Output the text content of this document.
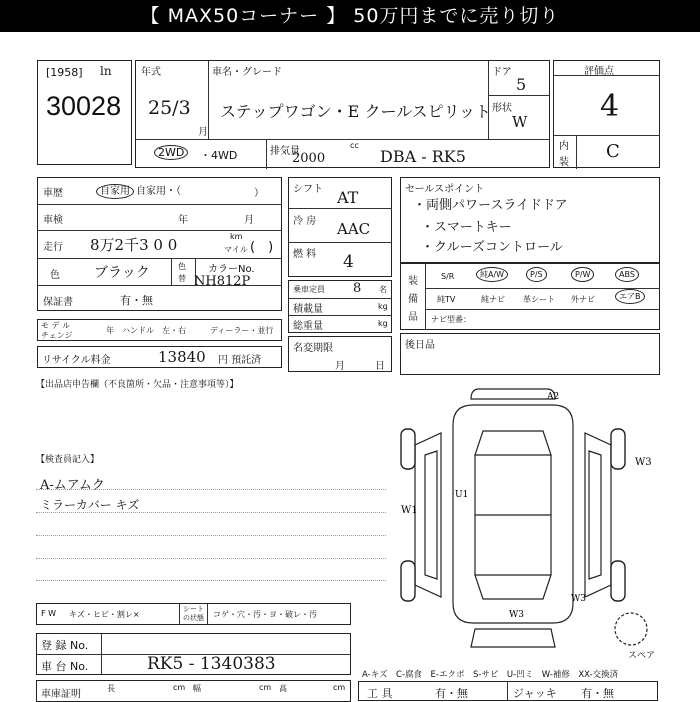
【 MAX50コーナー 】 50万円までに売り切り
[1958] ln
30028
年式
25/3
月
車名・グレード
ステップワゴン・E クールスピリット
ドア
5
形状
W
2WD	・4WD	排気量
2000
cc
DBA - RK5
評価点
4
内
装
C
車歴	自家用 自家用・（	）
車検	年	月
走行 8万2千3 0 0	km
マイル (　)
色 ブラック	色
替
カラーNo.
NH812P
保証書	有・無
モ デ ル
チェンジ
年 ハンドル　左・右	ディーラー・並行
リサイクル料金	13840 円 預託済
シフト AT
冷 房 AAC
燃 料 4
乗車定員 8 名
積載量	kg
総重量	kg
名変期限
月　　　日
セールスポイント
・両側パワースライドドア
・スマートキー
・クルーズコントロール
装
備
品
S/R	純A/W	P/S	P/W	ABS
純TV	純ナビ 革シート 外ナビ	エアB
ナビ型番：
後日品
【出品店申告欄（不良箇所・欠品・注意事項等）】
【検査員記入】
A-ムアムク
ミラーカバー キズ
F W キズ・ヒビ・割レ×
シート
の状態 コゲ・穴・汚・ヨ・破レ・汚
登 録 No.
車 台 No.	RK5 - 1340383
車庫証明
長	cm 幅	cm 高	cm
A-キズ　C-腐食　E-エクボ　S-サビ　U-凹ミ　W-補修　XX-交換済
工 具	有・無	ジャッキ 有・無
A2
W1
W3
U1
W3
W3
スペア
